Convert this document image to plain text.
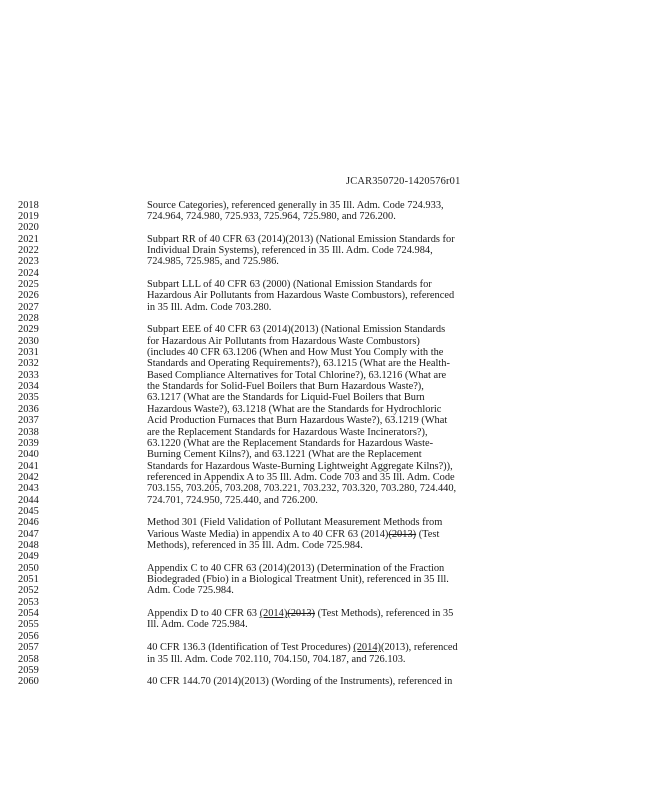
JCAR350720-1420576r01
2018
2019
2020
2021
2022
2023
2024
2025
2026
2027
2028
2029
2030
2031
2032
2033
2034
2035
2036
2037
2038
2039
2040
2041
2042
2043
2044
2045
2046
2047
2048
2049
2050
2051
2052
2053
2054
2055
2056
2057
2058
2059
2060
Source Categories), referenced generally in 35 Ill. Adm. Code 724.933,
724.964, 724.980, 725.933, 725.964, 725.980, and 726.200.
Subpart RR of 40 CFR 63 (2014)(2013) (National Emission Standards for
Individual Drain Systems), referenced in 35 Ill. Adm. Code 724.984,
724.985, 725.985, and 725.986.
Subpart LLL of 40 CFR 63 (2000) (National Emission Standards for
Hazardous Air Pollutants from Hazardous Waste Combustors), referenced
in 35 Ill. Adm. Code 703.280.
Subpart EEE of 40 CFR 63 (2014)(2013) (National Emission Standards
for Hazardous Air Pollutants from Hazardous Waste Combustors)
(includes 40 CFR 63.1206 (When and How Must You Comply with the
Standards and Operating Requirements?), 63.1215 (What are the Health-
Based Compliance Alternatives for Total Chlorine?), 63.1216 (What are
the Standards for Solid-Fuel Boilers that Burn Hazardous Waste?),
63.1217 (What are the Standards for Liquid-Fuel Boilers that Burn
Hazardous Waste?), 63.1218 (What are the Standards for Hydrochloric
Acid Production Furnaces that Burn Hazardous Waste?), 63.1219 (What
are the Replacement Standards for Hazardous Waste Incinerators?),
63.1220 (What are the Replacement Standards for Hazardous Waste-
Burning Cement Kilns?), and 63.1221 (What are the Replacement
Standards for Hazardous Waste-Burning Lightweight Aggregate Kilns?)),
referenced in Appendix A to 35 Ill. Adm. Code 703 and 35 Ill. Adm. Code
703.155, 703.205, 703.208, 703.221, 703.232, 703.320, 703.280, 724.440,
724.701, 724.950, 725.440, and 726.200.
Method 301 (Field Validation of Pollutant Measurement Methods from
Various Waste Media) in appendix A to 40 CFR 63 (2014)(2013) (Test
Methods), referenced in 35 Ill. Adm. Code 725.984.
Appendix C to 40 CFR 63 (2014)(2013) (Determination of the Fraction
Biodegraded (Fbio) in a Biological Treatment Unit), referenced in 35 Ill.
Adm. Code 725.984.
Appendix D to 40 CFR 63 (2014)(2013) (Test Methods), referenced in 35
Ill. Adm. Code 725.984.
40 CFR 136.3 (Identification of Test Procedures) (2014)(2013), referenced
in 35 Ill. Adm. Code 702.110, 704.150, 704.187, and 726.103.
40 CFR 144.70 (2014)(2013) (Wording of the Instruments), referenced in
